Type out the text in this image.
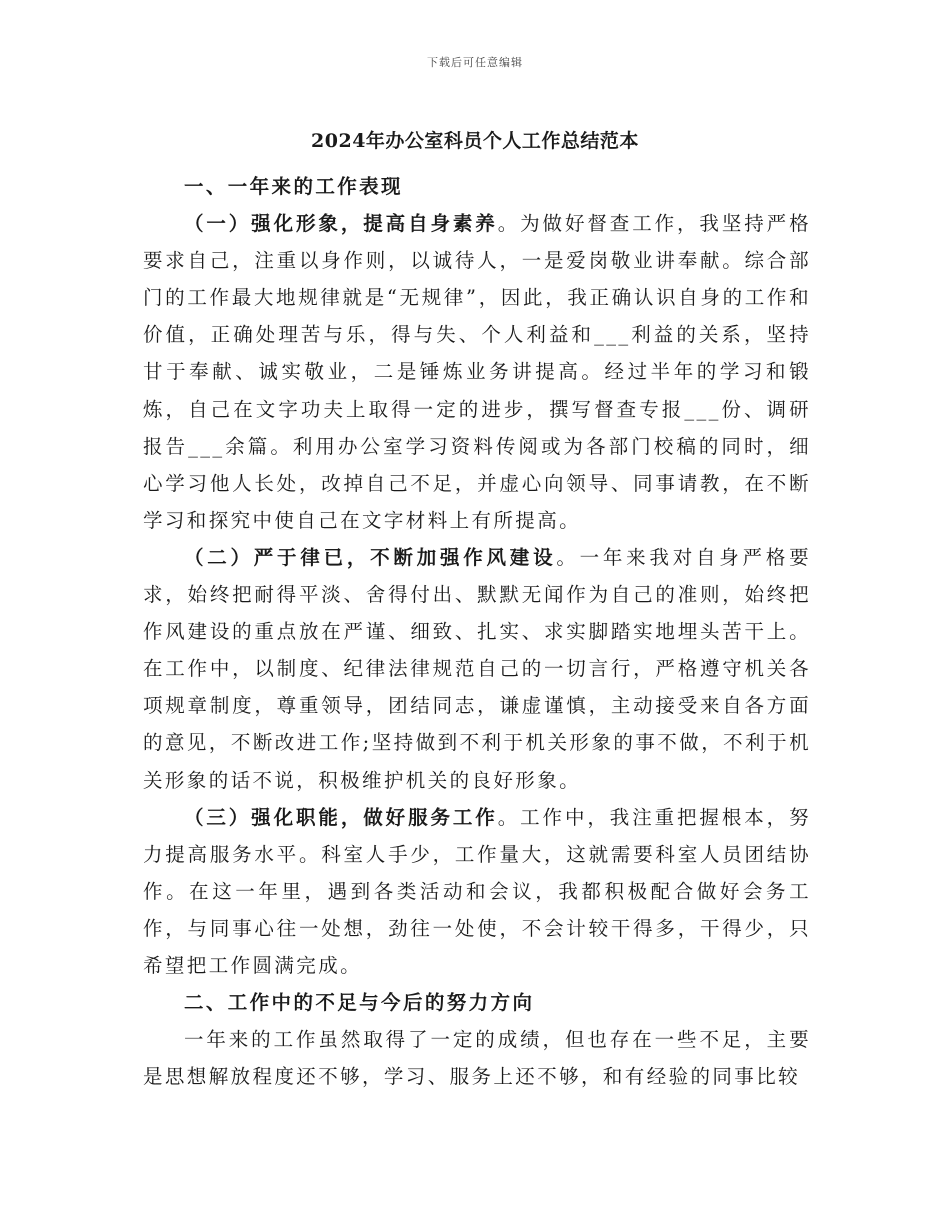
下载后可任意编辑
2024年办公室科员个人工作总结范本

一、一年来的工作表现

（一）强化形象，提高自身素养。为做好督查工作，我坚持严格要求自己，注重以身作则，以诚待人，一是爱岗敬业讲奉献。综合部门的工作最大地规律就是“无规律”，因此，我正确认识自身的工作和价值，正确处理苦与乐，得与失、个人利益和___利益的关系，坚持甘于奉献、诚实敬业，二是锤炼业务讲提高。经过半年的学习和锻炼，自己在文字功夫上取得一定的进步，撰写督查专报___份、调研报告___余篇。利用办公室学习资料传阅或为各部门校稿的同时，细心学习他人长处，改掉自己不足，并虚心向领导、同事请教，在不断学习和探究中使自己在文字材料上有所提高。

（二）严于律已，不断加强作风建设。一年来我对自身严格要求，始终把耐得平淡、舍得付出、默默无闻作为自己的准则，始终把作风建设的重点放在严谨、细致、扎实、求实脚踏实地埋头苦干上。在工作中，以制度、纪律法律规范自己的一切言行，严格遵守机关各项规章制度，尊重领导，团结同志，谦虚谨慎，主动接受来自各方面的意见，不断改进工作;坚持做到不利于机关形象的事不做，不利于机关形象的话不说，积极维护机关的良好形象。

（三）强化职能，做好服务工作。工作中，我注重把握根本，努力提高服务水平。科室人手少，工作量大，这就需要科室人员团结协作。在这一年里，遇到各类活动和会议，我都积极配合做好会务工作，与同事心往一处想，劲往一处使，不会计较干得多，干得少，只希望把工作圆满完成。

二、工作中的不足与今后的努力方向

一年来的工作虽然取得了一定的成绩，但也存在一些不足，主要是思想解放程度还不够，学习、服务上还不够，和有经验的同事比较
